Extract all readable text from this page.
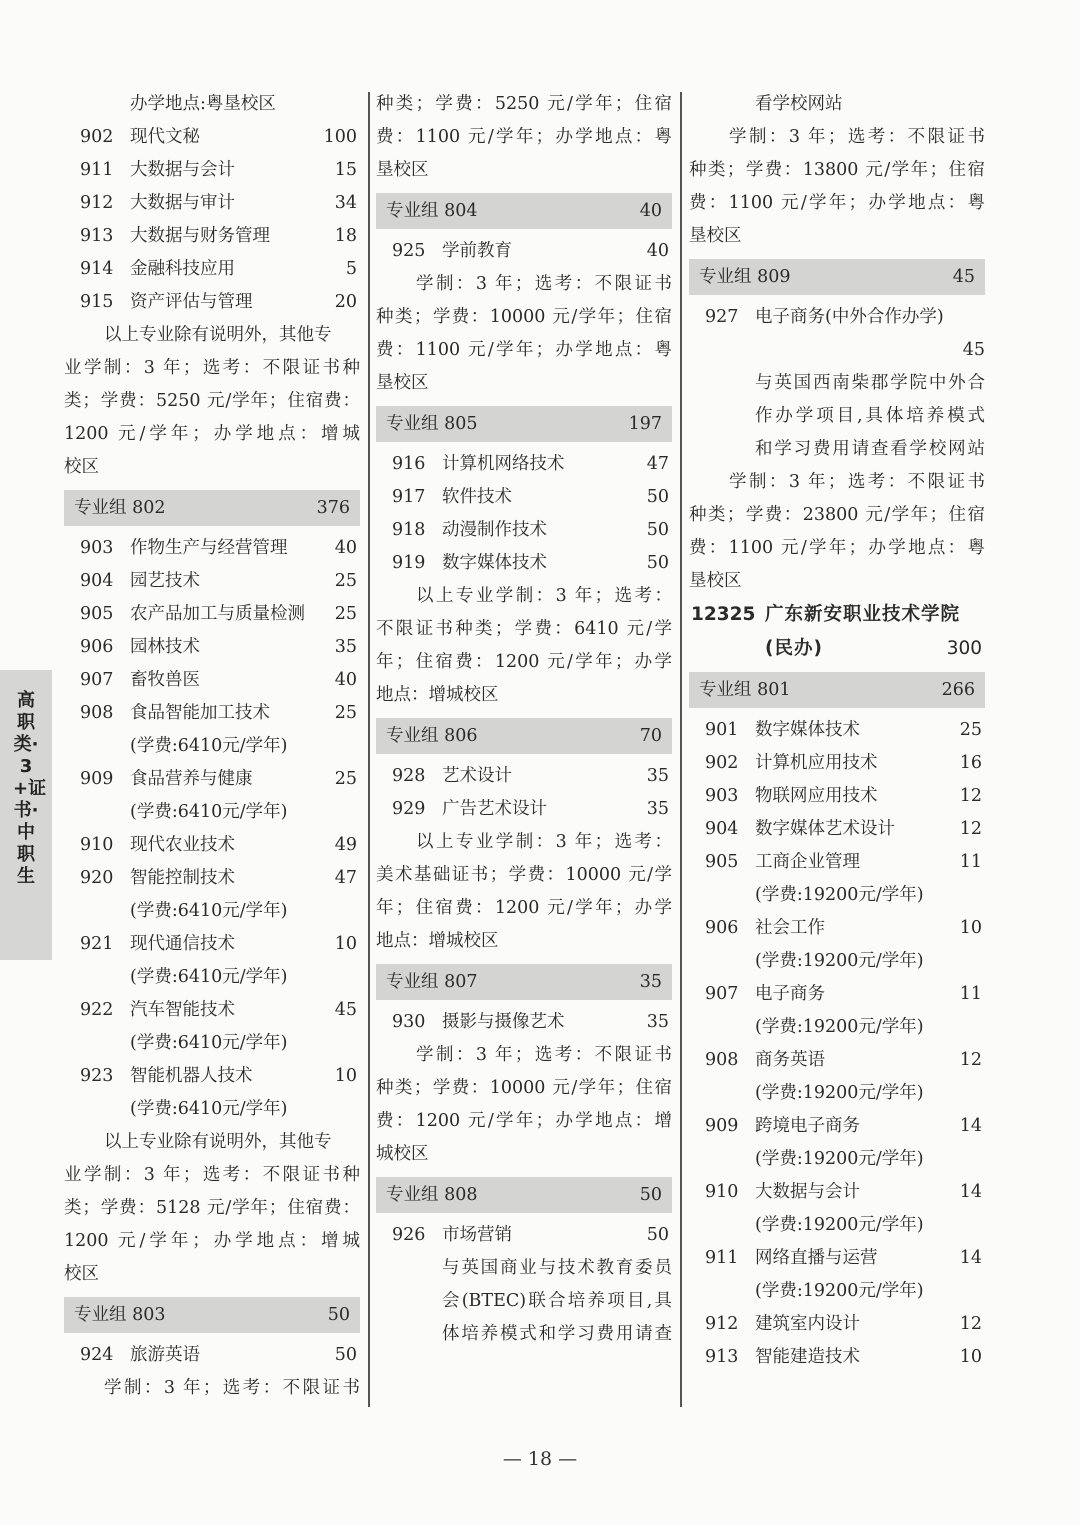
办学地点:粤垦校区
902 现代文秘	100
911 大数据与会计	15
912 大数据与审计	34
913 大数据与财务管理	18
914 金融科技应用	5
915 资产评估与管理	20
以上专业除有说明外，其他专
业学制：3 年；选考：不限证书种
类；学费：5250 元/学年；住宿费：
1200 元/学年；办学地点：增城
校区
专业组 802	376
903 作物生产与经营管理	40
904 园艺技术	25
905 农产品加工与质量检测 25
906 园林技术	35
907 畜牧兽医	40
908 食品智能加工技术	25
(学费:6410元/学年)
909 食品营养与健康	25
(学费:6410元/学年)
910 现代农业技术	49
920 智能控制技术	47
(学费:6410元/学年)
921 现代通信技术	10
(学费:6410元/学年)
922 汽车智能技术	45
(学费:6410元/学年)
923 智能机器人技术	10
(学费:6410元/学年)
以上专业除有说明外，其他专
业学制：3 年；选考：不限证书种
类；学费：5128 元/学年；住宿费：
1200 元/学年；办学地点：增城
校区
专业组 803	50
924 旅游英语	50
学制：3 年；选考：不限证书
种类；学费：5250 元/学年；住宿
费：1100 元/学年；办学地点：粤
垦校区
专业组 804	40
925 学前教育	40
学制：3 年；选考：不限证书
种类；学费：10000 元/学年；住宿
费：1100 元/学年；办学地点：粤
垦校区
专业组 805	197
916 计算机网络技术	47
917 软件技术	50
918 动漫制作技术	50
919 数字媒体技术	50
以上专业学制：3 年；选考：
不限证书种类；学费：6410 元/学
年；住宿费：1200 元/学年；办学
地点：增城校区
专业组 806	70
928 艺术设计	35
929 广告艺术设计	35
以上专业学制：3 年；选考：
美术基础证书；学费：10000 元/学
年；住宿费：1200 元/学年；办学
地点：增城校区
专业组 807	35
930 摄影与摄像艺术	35
学制：3 年；选考：不限证书
种类；学费：10000 元/学年；住宿
费：1200 元/学年；办学地点：增
城校区
专业组 808	50
926 市场营销	50
与英国商业与技术教育委员
会(BTEC)联合培养项目,具
体培养模式和学习费用请查
看学校网站
学制：3 年；选考：不限证书
种类；学费：13800 元/学年；住宿
费：1100 元/学年；办学地点：粤
垦校区
专业组 809	45
927 电子商务(中外合作办学)
45
与英国西南柴郡学院中外合
作办学项目,具体培养模式
和学习费用请查看学校网站
学制：3 年；选考：不限证书
种类；学费：23800 元/学年；住宿
费：1100 元/学年；办学地点：粤
垦校区
12325 广东新安职业技术学院
(民办)	300
专业组 801	266
901 数字媒体技术	25
902 计算机应用技术	16
903 物联网应用技术	12
904 数字媒体艺术设计	12
905 工商企业管理	11
(学费:19200元/学年)
906 社会工作	10
(学费:19200元/学年)
907 电子商务	11
(学费:19200元/学年)
908 商务英语	12
(学费:19200元/学年)
909 跨境电子商务	14
(学费:19200元/学年)
910 大数据与会计	14
(学费:19200元/学年)
911 网络直播与运营	14
(学费:19200元/学年)
912 建筑室内设计	12
913 智能建造技术	10
高职类·3+证书·中职生
— 18 —
